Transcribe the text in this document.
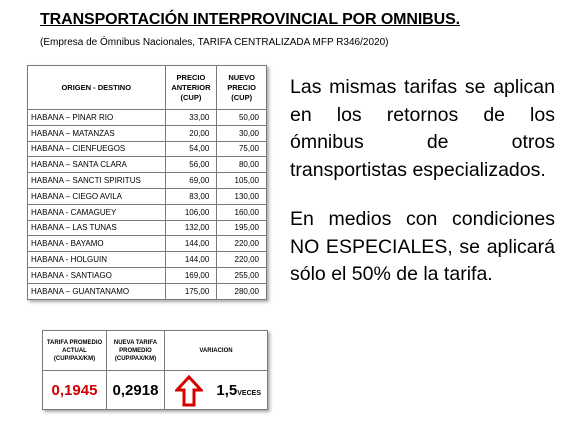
TRANSPORTACIÓN INTERPROVINCIAL POR OMNIBUS.
(Empresa de Ómnibus Nacionales, TARIFA CENTRALIZADA MFP R346/2020)
ORIGEN - DESTINO	PRECIO ANTERIOR (CUP)	NUEVO PRECIO (CUP)
HABANA – PINAR RIO	33,00	50,00
HABANA – MATANZAS	20,00	30,00
HABANA – CIENFUEGOS	54,00	75,00
HABANA – SANTA CLARA	56,00	80,00
HABANA – SANCTI SPIRITUS	69,00	105,00
HABANA – CIEGO AVILA	83,00	130,00
HABANA - CAMAGUEY	106,00	160,00
HABANA – LAS TUNAS	132,00	195,00
HABANA - BAYAMO	144,00	220,00
HABANA - HOLGUIN	144,00	220,00
HABANA - SANTIAGO	169,00	255,00
HABANA – GUANTANAMO	175,00	280,00
TARIFA PROMEDIO ACTUAL (CUP/PAX/KM)	NUEVA TARIFA PROMEDIO (CUP/PAX/KM)	VARIACION
0,1945	0,2918	1,5VECES

Las mismas tarifas se aplican en los retornos de los ómnibus de otros transportistas especializados.

En medios con condiciones NO ESPECIALES, se aplicará sólo el 50% de la tarifa.
